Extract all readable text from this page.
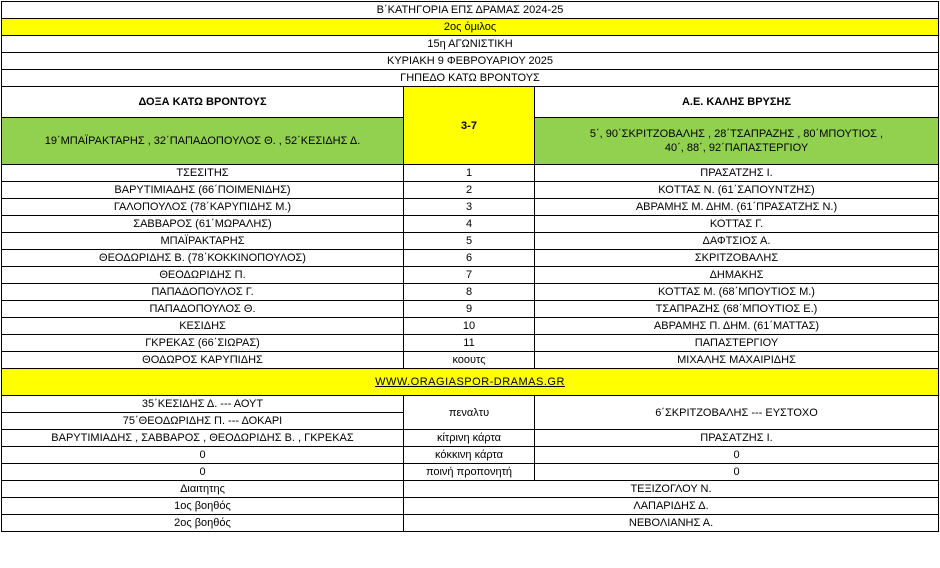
Β΄ΚΑΤΗΓΟΡΙΑ ΕΠΣ ΔΡΑΜΑΣ 2024-25		
2ος όμιλος		
15η ΑΓΩΝΙΣΤΙΚΗ		
ΚΥΡΙΑΚΗ 9 ΦΕΒΡΟΥΑΡΙΟΥ 2025		
ΓΗΠΕΔΟ ΚΑΤΩ ΒΡΟΝΤΟΥΣ		
ΔΟΞΑ ΚΑΤΩ ΒΡΟΝΤΟΥΣ	3-7	Α.Ε. ΚΑΛΗΣ ΒΡΥΣΗΣ
19΄ΜΠΑΪΡΑΚΤΑΡΗΣ , 32΄ΠΑΠΑΔΟΠΟΥΛΟΣ Θ. , 52΄ΚΕΣΙΔΗΣ Δ.		5΄, 90΄ΣΚΡΙΤΖΟΒΑΛΗΣ , 28΄ΤΣΑΠΡΑΖΗΣ , 80΄ΜΠΟΥΤΙΟΣ ,
40΄, 88΄, 92΄ΠΑΠΑΣΤΕΡΓΙΟΥ
ΤΣΕΣΙΤΗΣ	1	ΠΡΑΣΑΤΖΗΣ Ι.
ΒΑΡΥΤΙΜΙΑΔΗΣ (66΄ΠΟΙΜΕΝΙΔΗΣ)	2	ΚΟΤΤΑΣ Ν. (61΄ΣΑΠΟΥΝΤΖΗΣ)
ΓΑΛΟΠΟΥΛΟΣ (78΄ΚΑΡΥΠΙΔΗΣ Μ.)	3	ΑΒΡΑΜΗΣ Μ. ΔΗΜ. (61΄ΠΡΑΣΑΤΖΗΣ Ν.)
ΣΑΒΒΑΡΟΣ (61΄ΜΩΡΑΛΗΣ)	4	ΚΟΤΤΑΣ Γ.
ΜΠΑΪΡΑΚΤΑΡΗΣ	5	ΔΑΦΤΣΙΟΣ Α.
ΘΕΟΔΩΡΙΔΗΣ Β. (78΄ΚΟΚΚΙΝΟΠΟΥΛΟΣ)	6	ΣΚΡΙΤΖΟΒΑΛΗΣ
ΘΕΟΔΩΡΙΔΗΣ Π.	7	ΔΗΜΑΚΗΣ
ΠΑΠΑΔΟΠΟΥΛΟΣ Γ.	8	ΚΟΤΤΑΣ Μ. (68΄ΜΠΟΥΤΙΟΣ Μ.)
ΠΑΠΑΔΟΠΟΥΛΟΣ Θ.	9	ΤΣΑΠΡΑΖΗΣ (68΄ΜΠΟΥΤΙΟΣ Ε.)
ΚΕΣΙΔΗΣ	10	ΑΒΡΑΜΗΣ Π. ΔΗΜ. (61΄ΜΑΤΤΑΣ)
ΓΚΡΕΚΑΣ (66΄ΣΙΩΡΑΣ)	11	ΠΑΠΑΣΤΕΡΓΙΟΥ
ΘΟΔΩΡΟΣ ΚΑΡΥΠΙΔΗΣ	κοουτς	ΜΙΧΑΛΗΣ ΜΑΧΑΙΡΙΔΗΣ
WWW.ORAGIASPOR-DRAMAS.GR		
35΄ΚΕΣΙΔΗΣ Δ. --- ΑΟΥΤ	πεναλτυ	6΄ΣΚΡΙΤΖΟΒΑΛΗΣ --- ΕΥΣΤΟΧΟ
75΄ΘΕΟΔΩΡΙΔΗΣ Π. --- ΔΟΚΑΡΙ		
ΒΑΡΥΤΙΜΙΑΔΗΣ , ΣΑΒΒΑΡΟΣ , ΘΕΟΔΩΡΙΔΗΣ Β. , ΓΚΡΕΚΑΣ	κίτρινη κάρτα	ΠΡΑΣΑΤΖΗΣ Ι.
0	κόκκινη κάρτα	0
0	ποινή προπονητή	0
Διαιτητης	ΤΕΞΙΖΟΓΛΟΥ Ν.	
1ος βοηθός	ΛΑΠΑΡΙΔΗΣ Δ.	
2ος βοηθός	ΝΕΒΟΛΙΑΝΗΣ Α.	
